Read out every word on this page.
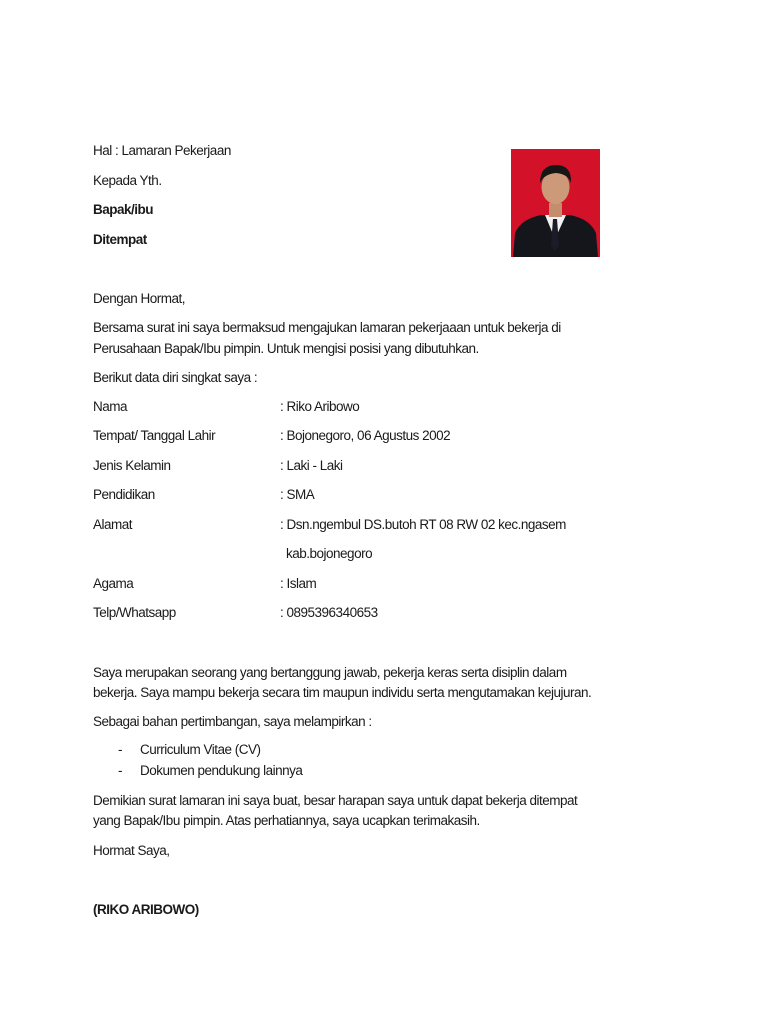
Hal : Lamaran Pekerjaan
Kepada Yth.
Bapak/ibu
Ditempat
Dengan Hormat,
Bersama surat ini saya bermaksud mengajukan lamaran pekerjaaan untuk bekerja di
Perusahaan Bapak/Ibu pimpin. Untuk mengisi posisi yang dibutuhkan.
Berikut data diri singkat saya :
Nama	: Riko Aribowo
Tempat/ Tanggal Lahir	: Bojonegoro, 06 Agustus 2002
Jenis Kelamin	: Laki - Laki
Pendidikan	: SMA
Alamat	: Dsn.ngembul DS.butoh RT 08 RW 02 kec.ngasem
kab.bojonegoro
Agama	: Islam
Telp/Whatsapp	: 0895396340653
Saya merupakan seorang yang bertanggung jawab, pekerja keras serta disiplin dalam
bekerja. Saya mampu bekerja secara tim maupun individu serta mengutamakan kejujuran.
Sebagai bahan pertimbangan, saya melampirkan :
- Curriculum Vitae (CV)
- Dokumen pendukung lainnya
Demikian surat lamaran ini saya buat, besar harapan saya untuk dapat bekerja ditempat
yang Bapak/Ibu pimpin. Atas perhatiannya, saya ucapkan terimakasih.
Hormat Saya,
(RIKO ARIBOWO)
